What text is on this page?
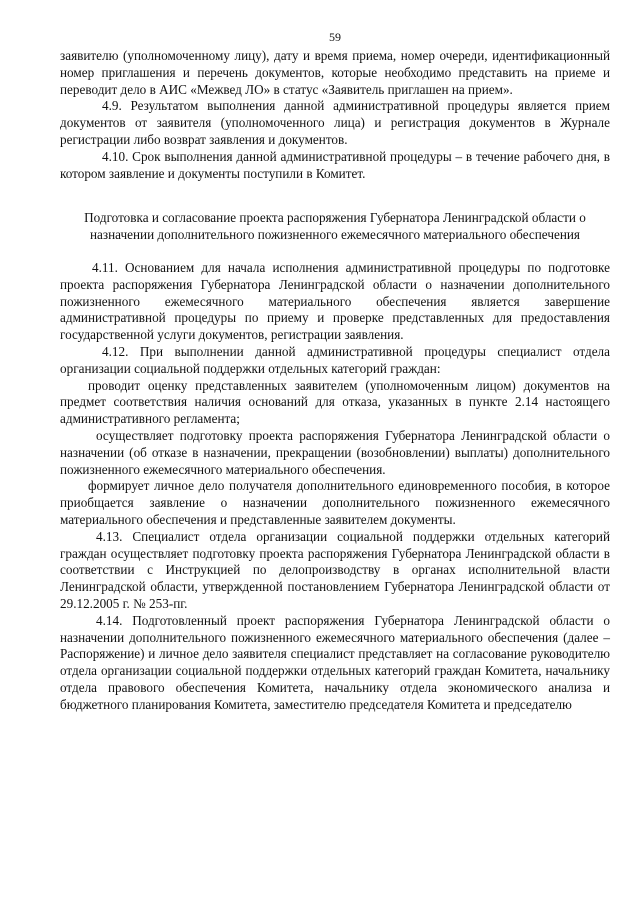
59

заявителю (уполномоченному лицу), дату и время приема, номер очереди, идентификационный номер приглашения и перечень документов, которые необходимо представить на приеме и переводит дело в АИС «Межвед ЛО» в статус «Заявитель приглашен на прием».

4.9. Результатом выполнения данной административной процедуры является прием документов от заявителя (уполномоченного лица) и регистрация документов в Журнале регистрации либо возврат заявления и документов.

4.10. Срок выполнения данной административной процедуры – в течение рабочего дня, в котором заявление и документы поступили в Комитет.

Подготовка и согласование проекта распоряжения Губернатора Ленинградской области о назначении дополнительного пожизненного ежемесячного материального обеспечения

4.11. Основанием для начала исполнения административной процедуры по подготовке проекта распоряжения Губернатора Ленинградской области о назначении дополнительного пожизненного ежемесячного материального обеспечения является завершение административной процедуры по приему и проверке представленных для предоставления государственной услуги документов, регистрации заявления.

4.12. При выполнении данной административной процедуры специалист отдела организации социальной поддержки отдельных категорий граждан:

проводит оценку представленных заявителем (уполномоченным лицом) документов на предмет соответствия наличия оснований для отказа, указанных в пункте 2.14 настоящего административного регламента;

осуществляет подготовку проекта распоряжения Губернатора Ленинградской области о назначении (об отказе в назначении, прекращении (возобновлении) выплаты) дополнительного пожизненного ежемесячного материального обеспечения.

формирует личное дело получателя дополнительного единовременного пособия, в которое приобщается заявление о назначении дополнительного пожизненного ежемесячного материального обеспечения и представленные заявителем документы.

4.13. Специалист отдела организации социальной поддержки отдельных категорий граждан осуществляет подготовку проекта распоряжения Губернатора Ленинградской области в соответствии с Инструкцией по делопроизводству в органах исполнительной власти Ленинградской области, утвержденной постановлением Губернатора Ленинградской области от 29.12.2005 г. № 253-пг.

4.14. Подготовленный проект распоряжения Губернатора Ленинградской области о назначении дополнительного пожизненного ежемесячного материального обеспечения (далее – Распоряжение) и личное дело заявителя специалист представляет на согласование руководителю отдела организации социальной поддержки отдельных категорий граждан Комитета, начальнику отдела правового обеспечения Комитета, начальнику отдела экономического анализа и бюджетного планирования Комитета, заместителю председателя Комитета и председателю
